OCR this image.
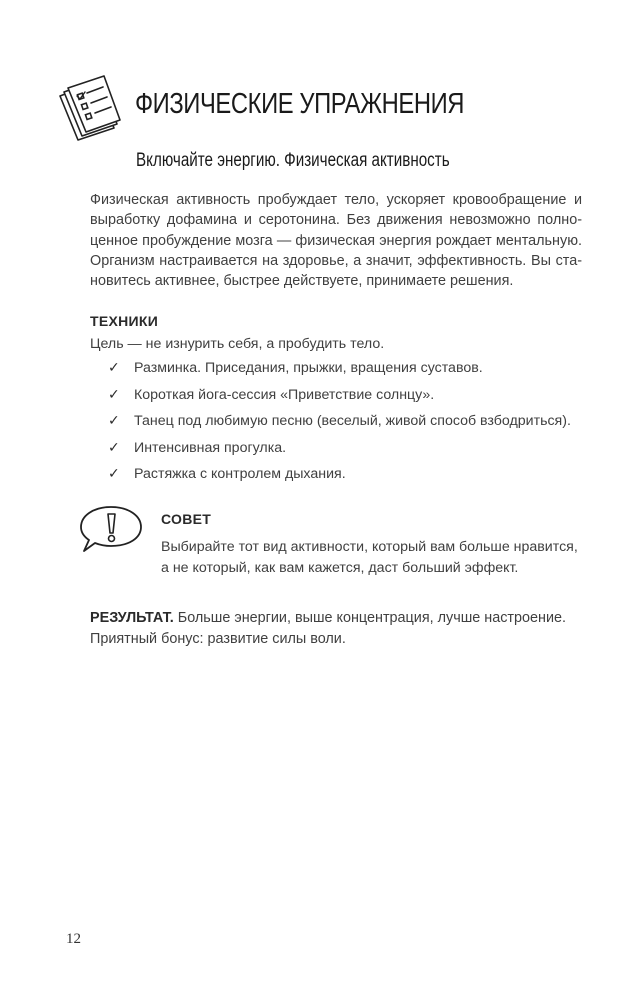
ФИЗИЧЕСКИЕ УПРАЖНЕНИЯ
Включайте энергию. Физическая активность

Физическая активность пробуждает тело, ускоряет кровообращение и выработку дофамина и серотонина. Без движения невозможно полноценное пробуждение мозга — физическая энергия рождает ментальную. Организм настраивается на здоровье, а значит, эффективность. Вы становитесь активнее, быстрее действуете, принимаете решения.

ТЕХНИКИ
Цель — не изнурить себя, а пробудить тело.
✓	Разминка. Приседания, прыжки, вращения суставов.
✓	Короткая йога-сессия «Приветствие солнцу».
✓	Танец под любимую песню (веселый, живой способ взбодриться).
✓	Интенсивная прогулка.
✓	Растяжка с контролем дыхания.
СОВЕТ

Выбирайте тот вид активности, который вам больше нравится, а не который, как вам кажется, даст больший эффект.

РЕЗУЛЬТАТ. Больше энергии, выше концентрация, лучше настроение. Приятный бонус: развитие силы воли.

12
